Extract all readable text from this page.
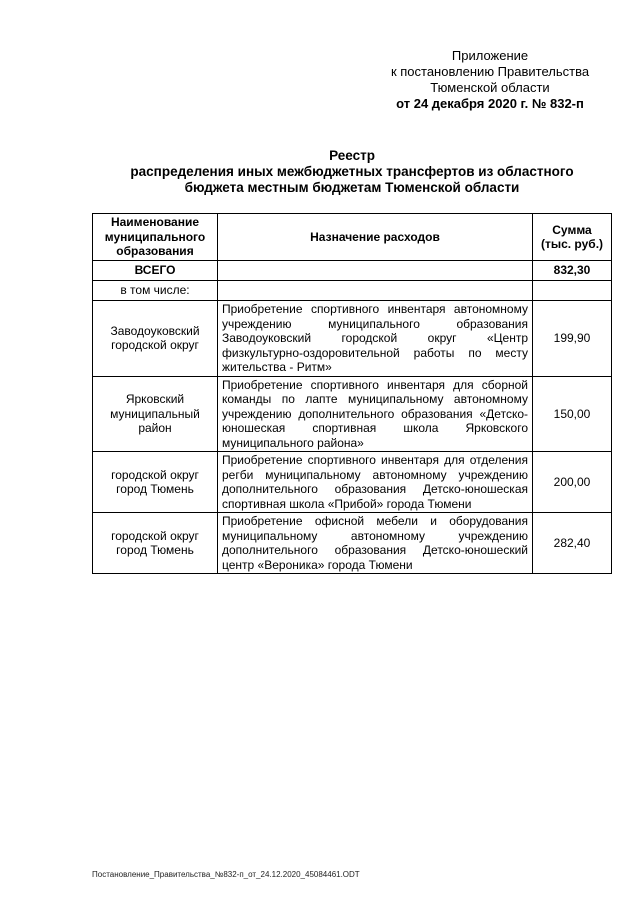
Приложение
к постановлению Правительства
Тюменской области
от 24 декабря 2020 г. № 832-п
Реестр
распределения иных межбюджетных трансфертов из областного
бюджета местным бюджетам Тюменской области
Наименование муниципального образования	Назначение расходов	Сумма (тыс. руб.)
ВСЕГО		832,30
в том числе:		
Заводоуковский городской округ	Приобретение спортивного инвентаря автономному учреждению муниципального образования Заводоуковский городской округ «Центр физкультурно-оздоровительной работы по месту жительства - Ритм»	199,90
Ярковский муниципальный район	Приобретение спортивного инвентаря для сборной команды по лапте муниципальному автономному учреждению дополнительного образования «Детско-юношеская спортивная школа Ярковского муниципального района»	150,00
городской округ город Тюмень	Приобретение спортивного инвентаря для отделения регби муниципальному автономному учреждению дополнительного образования Детско-юношеская спортивная школа «Прибой» города Тюмени	200,00
городской округ город Тюмень	Приобретение офисной мебели и оборудования муниципальному автономному учреждению дополнительного образования Детско-юношеский центр «Вероника» города Тюмени	282,40
Постановление_Правительства_№832-п_от_24.12.2020_45084461.ODT
